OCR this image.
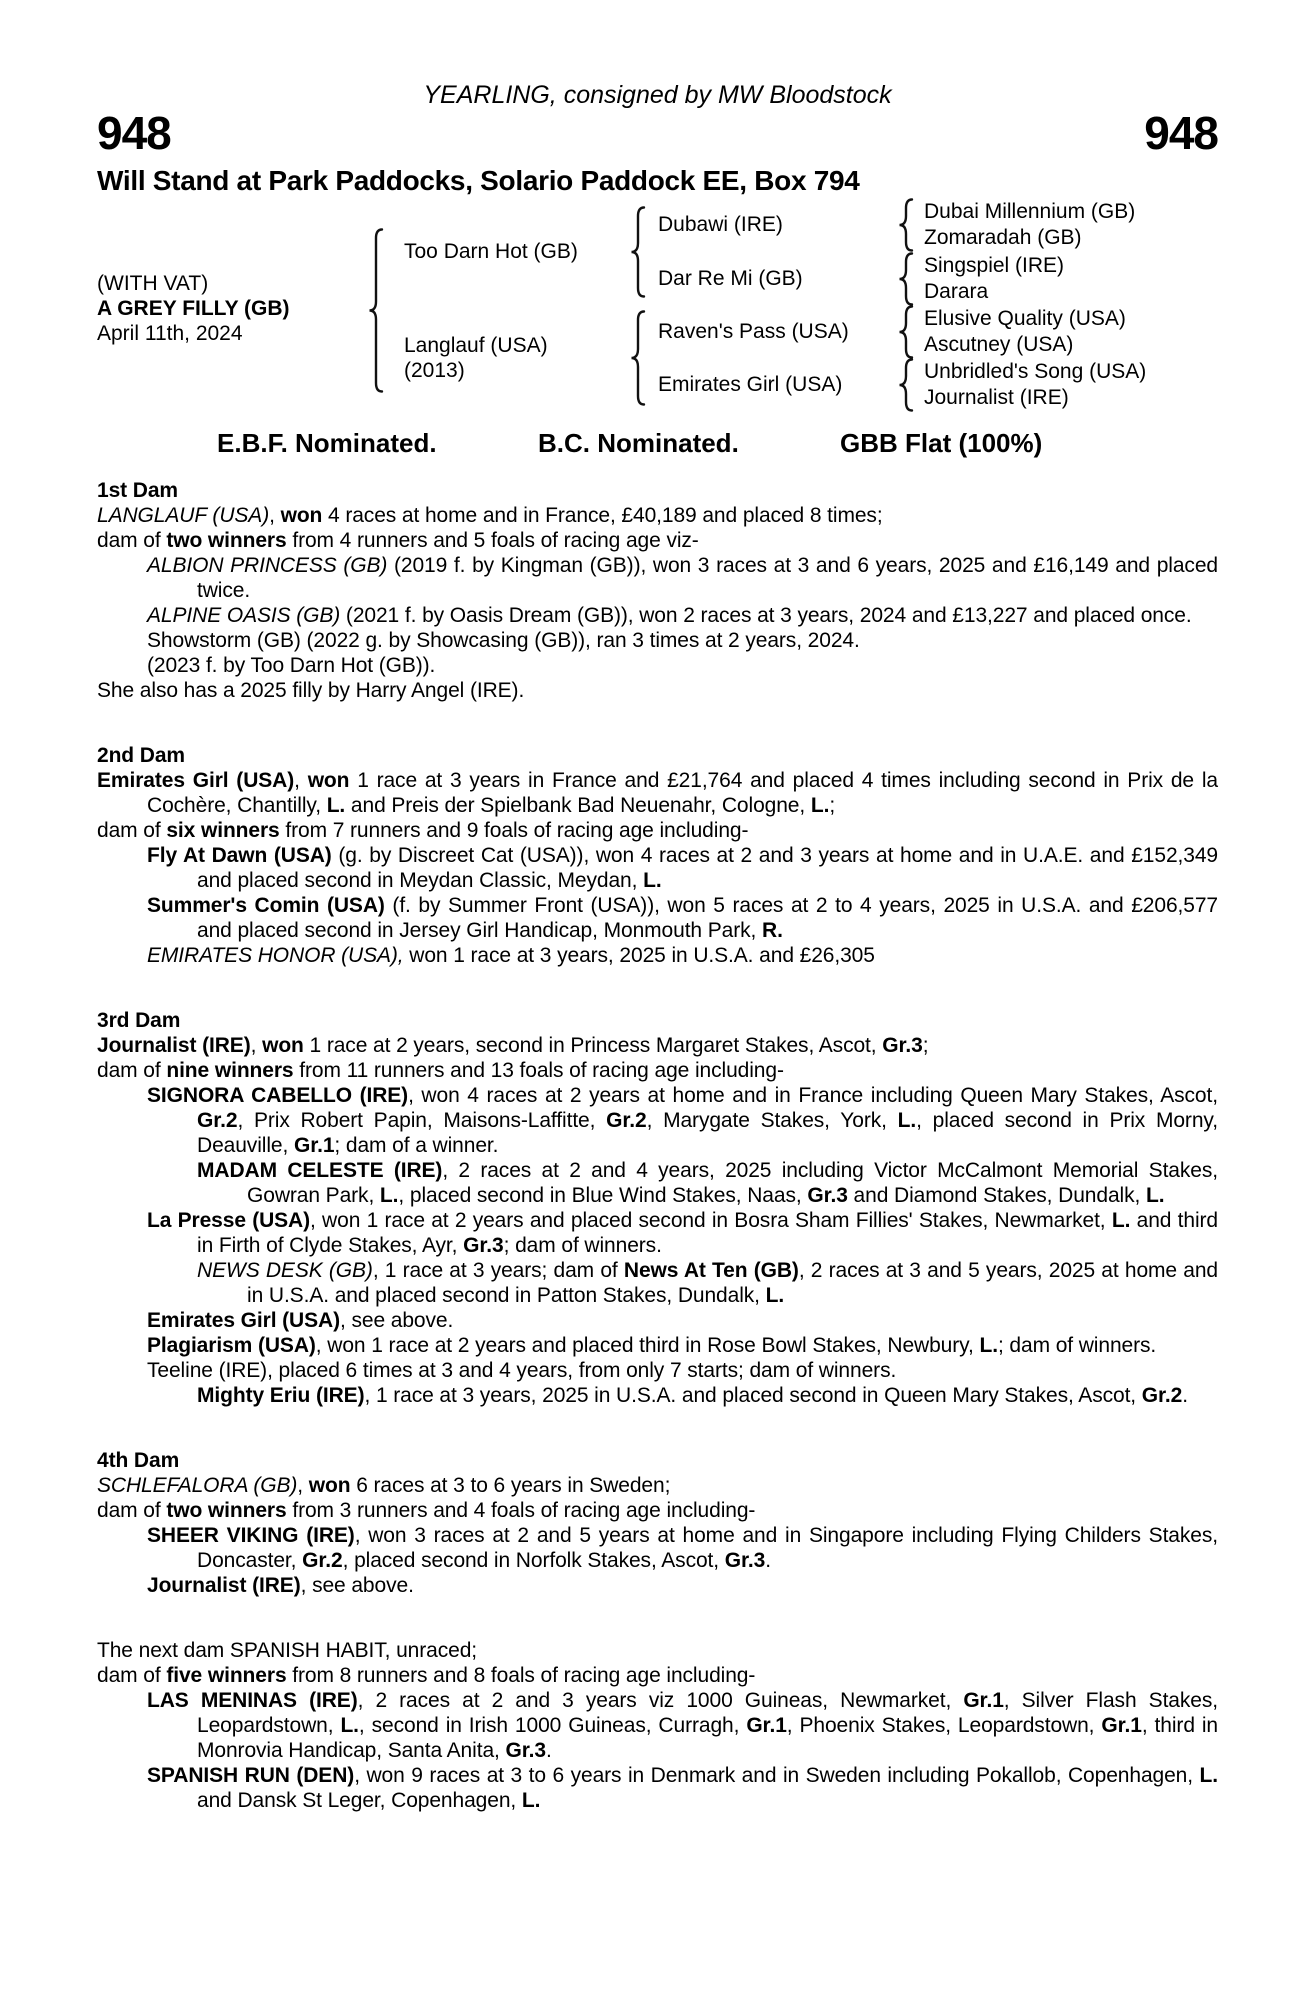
YEARLING, consigned by MW Bloodstock
948	948
Will Stand at Park Paddocks, Solario Paddock EE, Box 794
(WITH VAT)
A GREY FILLY (GB)
April 11th, 2024
Too Darn Hot (GB)
Langlauf (USA)
(2013)
Dubawi (IRE)
Dar Re Mi (GB)
Raven's Pass (USA)
Emirates Girl (USA)
Dubai Millennium (GB)
Zomaradah (GB)
Singspiel (IRE)
Darara
Elusive Quality (USA)
Ascutney (USA)
Unbridled's Song (USA)
Journalist (IRE)
E.B.F. Nominated.	B.C. Nominated.	GBB Flat (100%)
1st Dam

LANGLAUF (USA), won 4 races at home and in France, £40,189 and placed 8 times;

dam of two winners from 4 runners and 5 foals of racing age viz-

ALBION PRINCESS (GB) (2019 f. by Kingman (GB)), won 3 races at 3 and 6 years, 2025 and £16,149 and placed twice.

ALPINE OASIS (GB) (2021 f. by Oasis Dream (GB)), won 2 races at 3 years, 2024 and £13,227 and placed once.

Showstorm (GB) (2022 g. by Showcasing (GB)), ran 3 times at 2 years, 2024.

(2023 f. by Too Darn Hot (GB)).

She also has a 2025 filly by Harry Angel (IRE).

2nd Dam

Emirates Girl (USA), won 1 race at 3 years in France and £21,764 and placed 4 times including second in Prix de la Cochère, Chantilly, L. and Preis der Spielbank Bad Neuenahr, Cologne, L.;

dam of six winners from 7 runners and 9 foals of racing age including-

Fly At Dawn (USA) (g. by Discreet Cat (USA)), won 4 races at 2 and 3 years at home and in U.A.E. and £152,349 and placed second in Meydan Classic, Meydan, L.

Summer's Comin (USA) (f. by Summer Front (USA)), won 5 races at 2 to 4 years, 2025 in U.S.A. and £206,577 and placed second in Jersey Girl Handicap, Monmouth Park, R.

EMIRATES HONOR (USA), won 1 race at 3 years, 2025 in U.S.A. and £26,305

3rd Dam

Journalist (IRE), won 1 race at 2 years, second in Princess Margaret Stakes, Ascot, Gr.3;

dam of nine winners from 11 runners and 13 foals of racing age including-

SIGNORA CABELLO (IRE), won 4 races at 2 years at home and in France including Queen Mary Stakes, Ascot, Gr.2, Prix Robert Papin, Maisons-Laffitte, Gr.2, Marygate Stakes, York, L., placed second in Prix Morny, Deauville, Gr.1; dam of a winner.

MADAM CELESTE (IRE), 2 races at 2 and 4 years, 2025 including Victor McCalmont Memorial Stakes, Gowran Park, L., placed second in Blue Wind Stakes, Naas, Gr.3 and Diamond Stakes, Dundalk, L.

La Presse (USA), won 1 race at 2 years and placed second in Bosra Sham Fillies' Stakes, Newmarket, L. and third in Firth of Clyde Stakes, Ayr, Gr.3; dam of winners.

NEWS DESK (GB), 1 race at 3 years; dam of News At Ten (GB), 2 races at 3 and 5 years, 2025 at home and in U.S.A. and placed second in Patton Stakes, Dundalk, L.

Emirates Girl (USA), see above.

Plagiarism (USA), won 1 race at 2 years and placed third in Rose Bowl Stakes, Newbury, L.; dam of winners.

Teeline (IRE), placed 6 times at 3 and 4 years, from only 7 starts; dam of winners.

Mighty Eriu (IRE), 1 race at 3 years, 2025 in U.S.A. and placed second in Queen Mary Stakes, Ascot, Gr.2.

4th Dam

SCHLEFALORA (GB), won 6 races at 3 to 6 years in Sweden;

dam of two winners from 3 runners and 4 foals of racing age including-

SHEER VIKING (IRE), won 3 races at 2 and 5 years at home and in Singapore including Flying Childers Stakes, Doncaster, Gr.2, placed second in Norfolk Stakes, Ascot, Gr.3.

Journalist (IRE), see above.

The next dam SPANISH HABIT, unraced;

dam of five winners from 8 runners and 8 foals of racing age including-

LAS MENINAS (IRE), 2 races at 2 and 3 years viz 1000 Guineas, Newmarket, Gr.1, Silver Flash Stakes, Leopardstown, L., second in Irish 1000 Guineas, Curragh, Gr.1, Phoenix Stakes, Leopardstown, Gr.1, third in Monrovia Handicap, Santa Anita, Gr.3.

SPANISH RUN (DEN), won 9 races at 3 to 6 years in Denmark and in Sweden including Pokallob, Copenhagen, L. and Dansk St Leger, Copenhagen, L.
